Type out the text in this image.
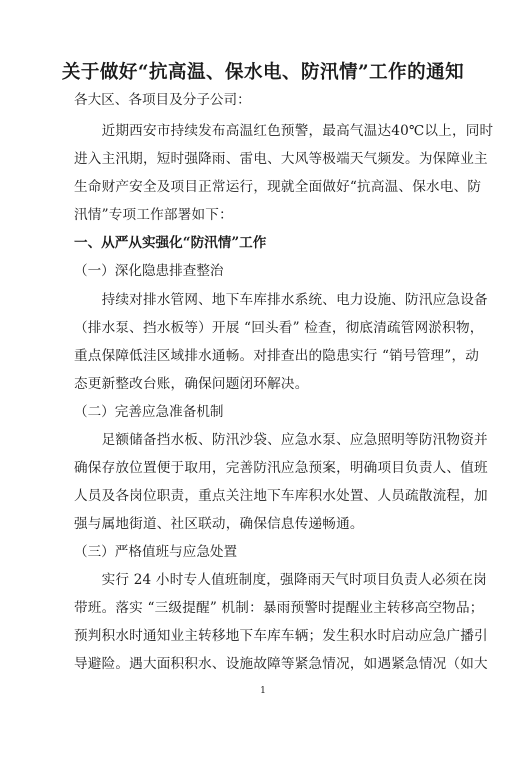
关于做好“抗高温、保水电、防汛情”工作的通知
各大区、各项目及分子公司：
　　近期西安市持续发布高温红色预警，最高气温达40℃以上，同时
进入主汛期，短时强降雨、雷电、大风等极端天气频发。为保障业主
生命财产安全及项目正常运行，现就全面做好“抗高温、保水电、防
汛情”专项工作部署如下：
一、从严从实强化“防汛情”工作
（一）深化隐患排查整治
　　持续对排水管网、地下车库排水系统、电力设施、防汛应急设备
（排水泵、挡水板等）开展 “回头看” 检查，彻底清疏管网淤积物，
重点保障低洼区域排水通畅。对排查出的隐患实行 “销号管理”，动
态更新整改台账，确保问题闭环解决。
（二）完善应急准备机制
　　足额储备挡水板、防汛沙袋、应急水泵、应急照明等防汛物资并
确保存放位置便于取用，完善防汛应急预案，明确项目负责人、值班
人员及各岗位职责，重点关注地下车库积水处置、人员疏散流程，加
强与属地街道、社区联动，确保信息传递畅通。
（三）严格值班与应急处置
　　实行 24 小时专人值班制度，强降雨天气时项目负责人必须在岗
带班。落实 “三级提醒” 机制：暴雨预警时提醒业主转移高空物品；
预判积水时通知业主转移地下车库车辆；发生积水时启动应急广播引
导避险。遇大面积积水、设施故障等紧急情况，如遇紧急情况（如大
1
